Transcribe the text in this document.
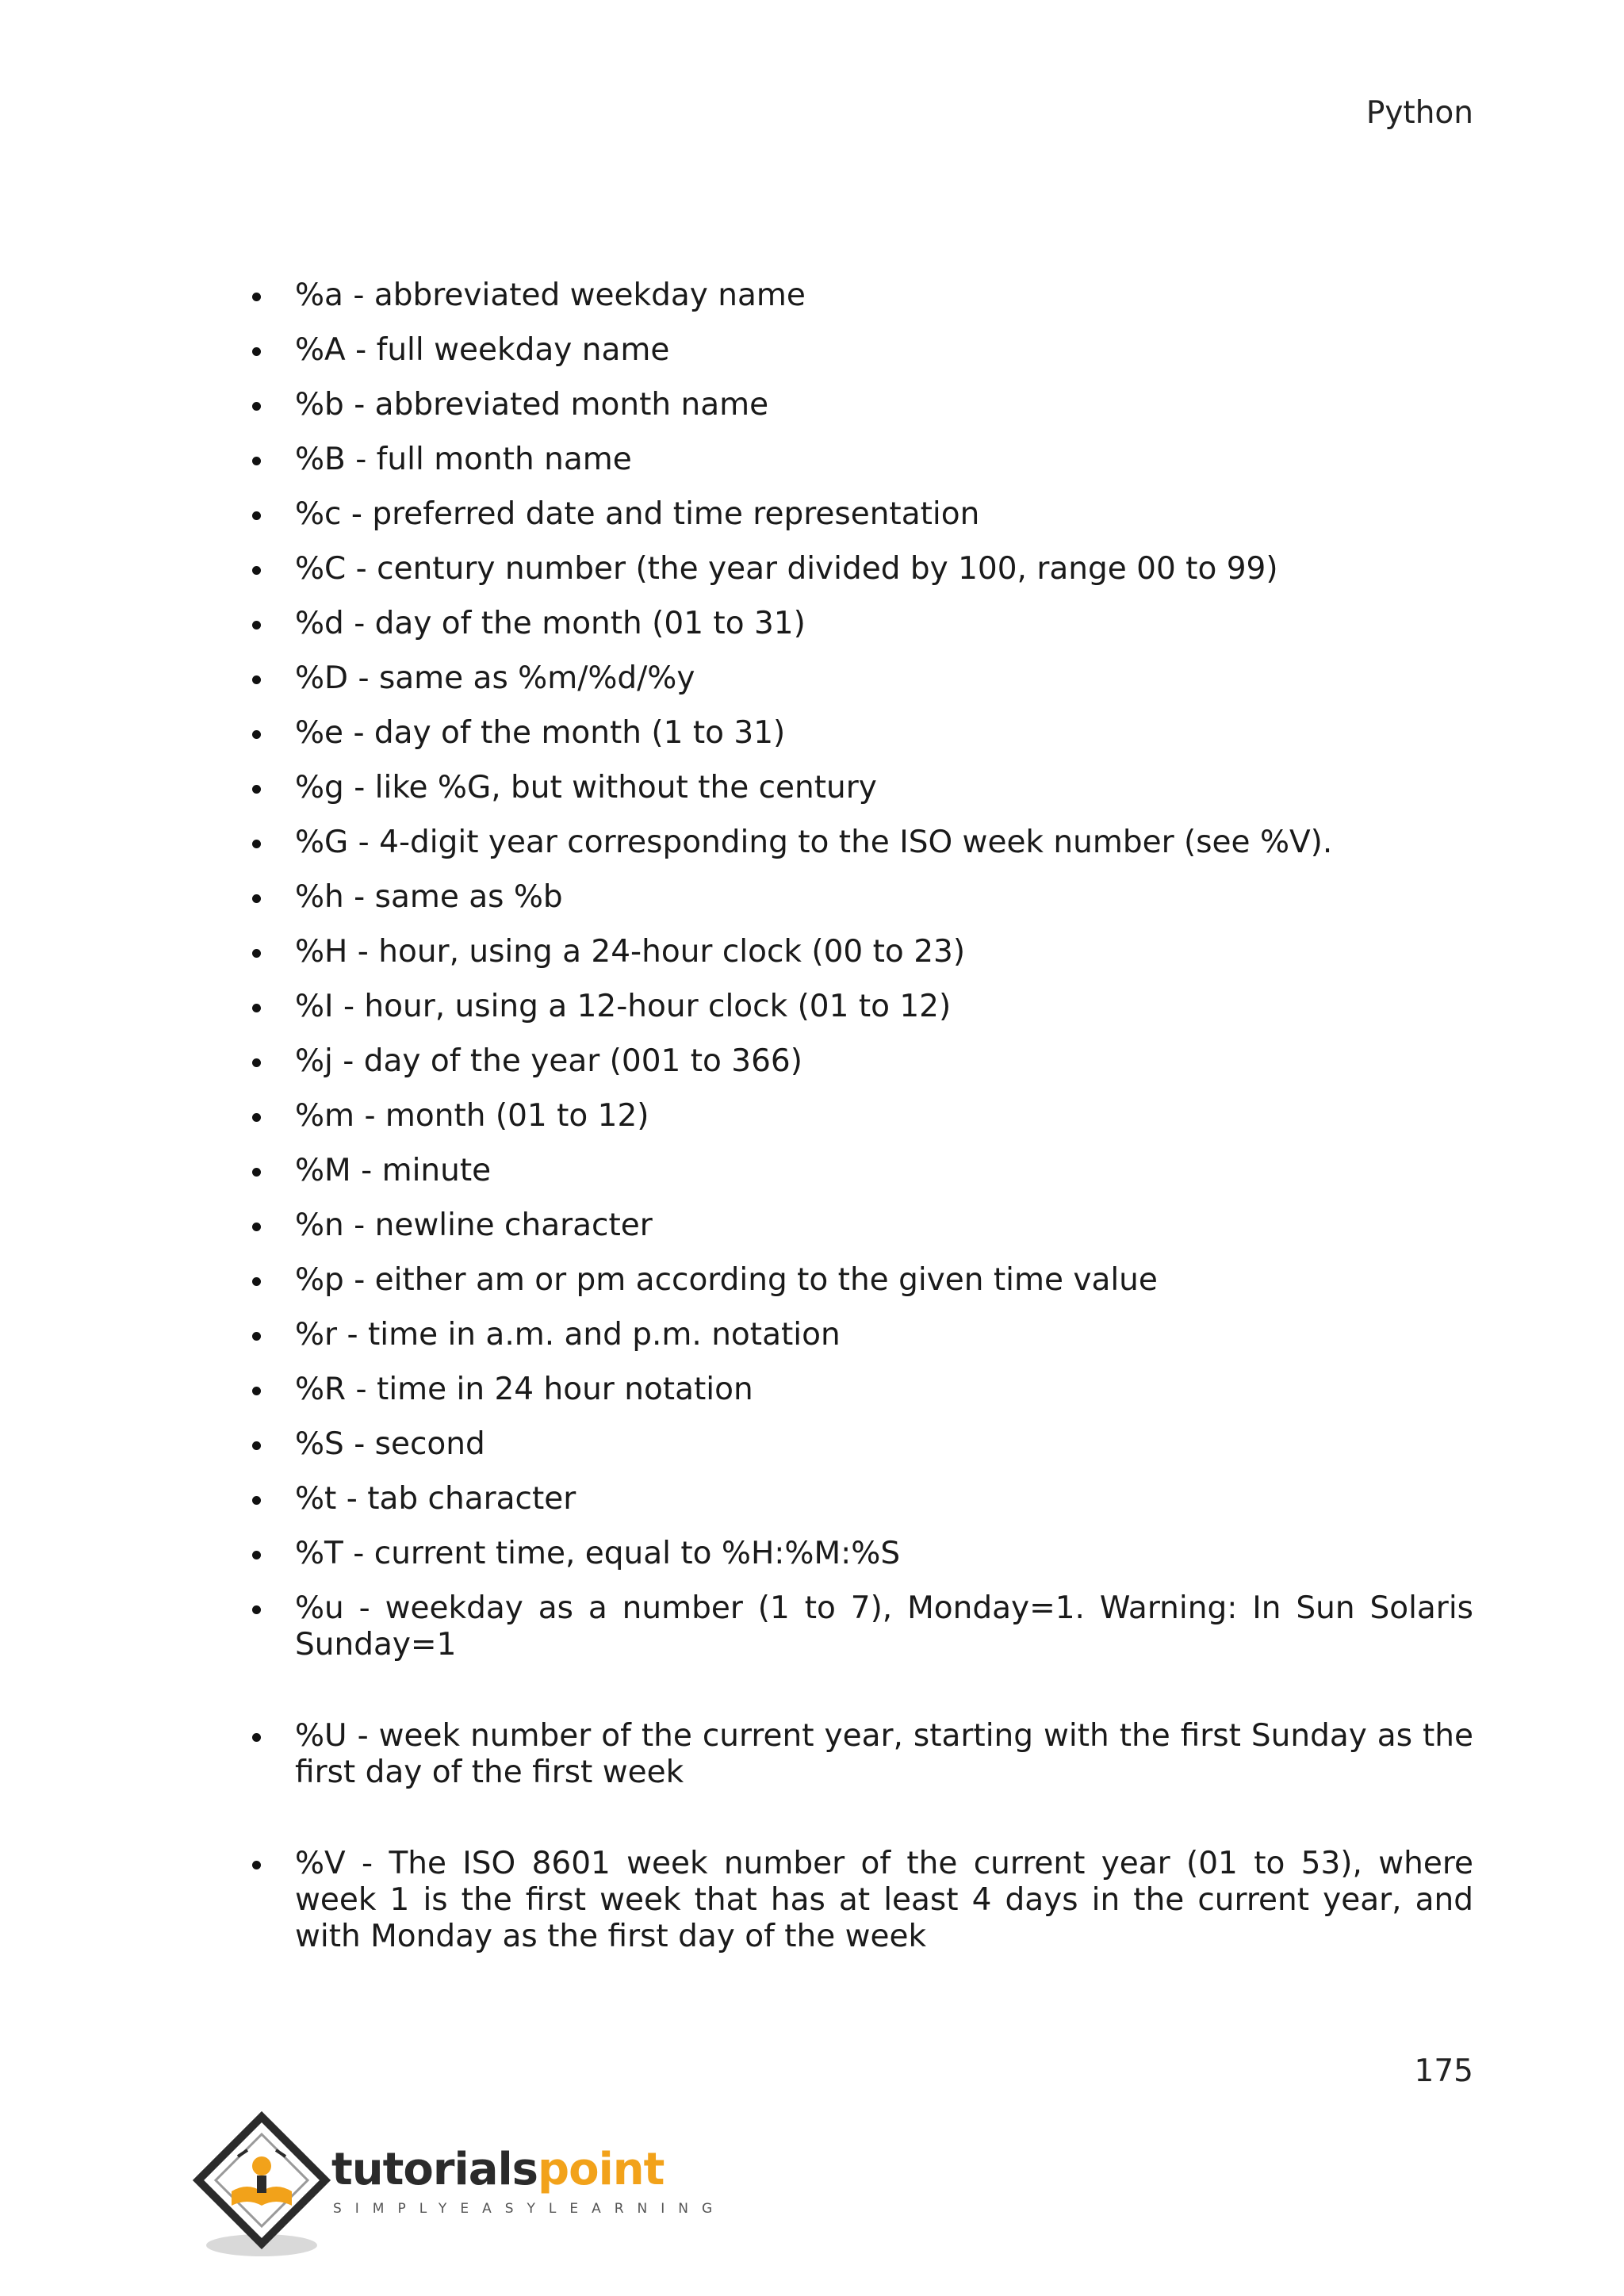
Python
%a - abbreviated weekday name
%A - full weekday name
%b - abbreviated month name
%B - full month name
%c - preferred date and time representation
%C - century number (the year divided by 100, range 00 to 99)
%d - day of the month (01 to 31)
%D - same as %m/%d/%y
%e - day of the month (1 to 31)
%g - like %G, but without the century
%G - 4-digit year corresponding to the ISO week number (see %V).
%h - same as %b
%H - hour, using a 24-hour clock (00 to 23)
%I - hour, using a 12-hour clock (01 to 12)
%j - day of the year (001 to 366)
%m - month (01 to 12)
%M - minute
%n - newline character
%p - either am or pm according to the given time value
%r - time in a.m. and p.m. notation
%R - time in 24 hour notation
%S - second
%t - tab character
%T - current time, equal to %H:%M:%S
%u - weekday as a number (1 to 7), Monday=1. Warning: In Sun Solaris Sunday=1
%U - week number of the current year, starting with the first Sunday as the first day of the first week
%V - The ISO 8601 week number of the current year (01 to 53), where week 1 is the first week that has at least 4 days in the current year, and with Monday as the first day of the week
175
tutorialspoint
SIMPLYEASYLEARNING
